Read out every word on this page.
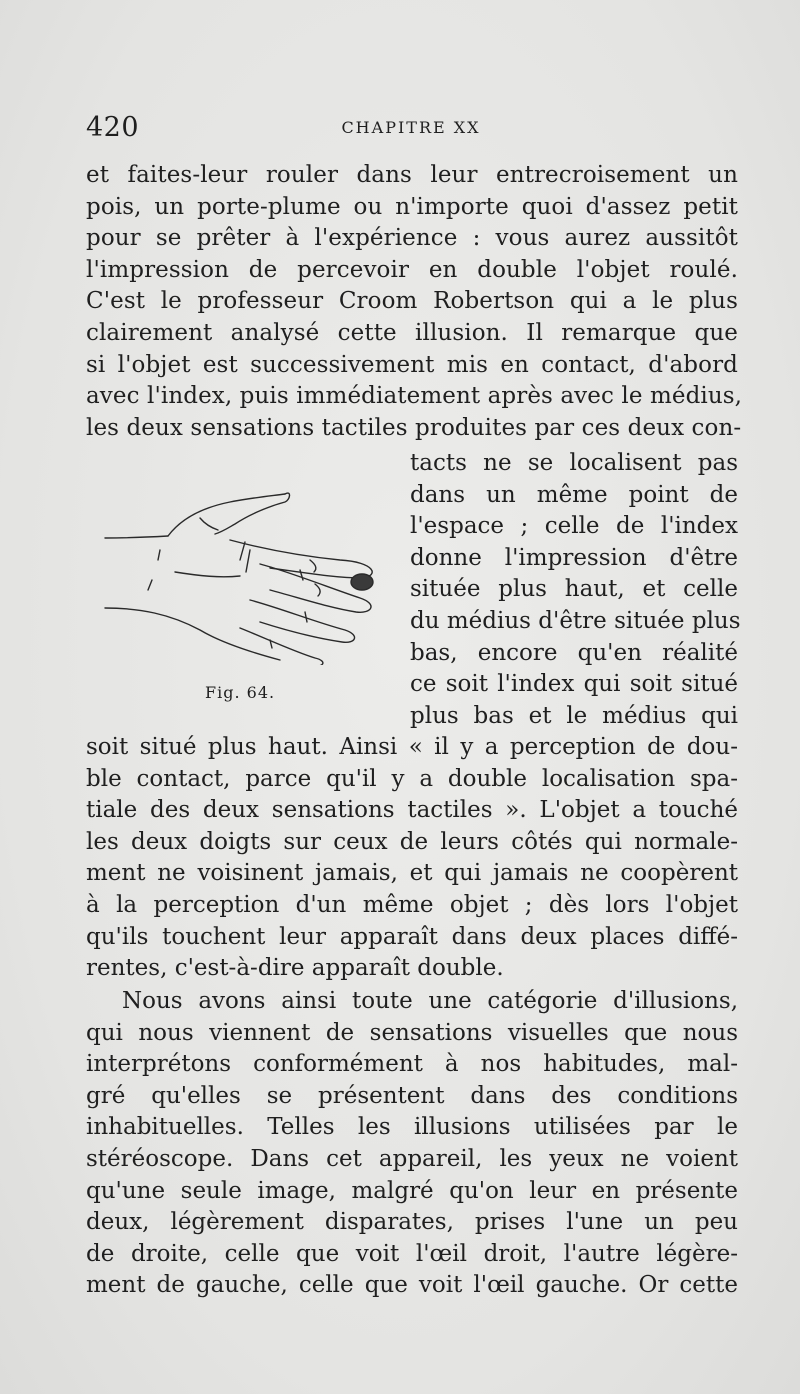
420	CHAPITRE XX
et faites-leur rouler dans leur entrecroisement un
pois, un porte-plume ou n'importe quoi d'assez petit
pour se prêter à l'expérience : vous aurez aussitôt
l'impression de percevoir en double l'objet roulé.
C'est le professeur Croom Robertson qui a le plus
clairement analysé cette illusion. Il remarque que
si l'objet est successivement mis en contact, d'abord
avec l'index, puis immédiatement après avec le médius,
les deux sensations tactiles produites par ces deux con-
Fig. 64.
tacts ne se localisent pas
dans un même point de
l'espace ; celle de l'index
donne l'impression d'être
située plus haut, et celle
du médius d'être située plus
bas, encore qu'en réalité
ce soit l'index qui soit situé
plus bas et le médius qui
soit situé plus haut. Ainsi « il y a perception de dou-
ble contact, parce qu'il y a double localisation spa-
tiale des deux sensations tactiles ». L'objet a touché
les deux doigts sur ceux de leurs côtés qui normale-
ment ne voisinent jamais, et qui jamais ne coopèrent
à la perception d'un même objet ; dès lors l'objet
qu'ils touchent leur apparaît dans deux places diffé-
rentes, c'est-à-dire apparaît double.
Nous avons ainsi toute une catégorie d'illusions,
qui nous viennent de sensations visuelles que nous
interprétons conformément à nos habitudes, mal-
gré qu'elles se présentent dans des conditions
inhabituelles. Telles les illusions utilisées par le
stéréoscope. Dans cet appareil, les yeux ne voient
qu'une seule image, malgré qu'on leur en présente
deux, légèrement disparates, prises l'une un peu
de droite, celle que voit l'œil droit, l'autre légère-
ment de gauche, celle que voit l'œil gauche. Or cette
